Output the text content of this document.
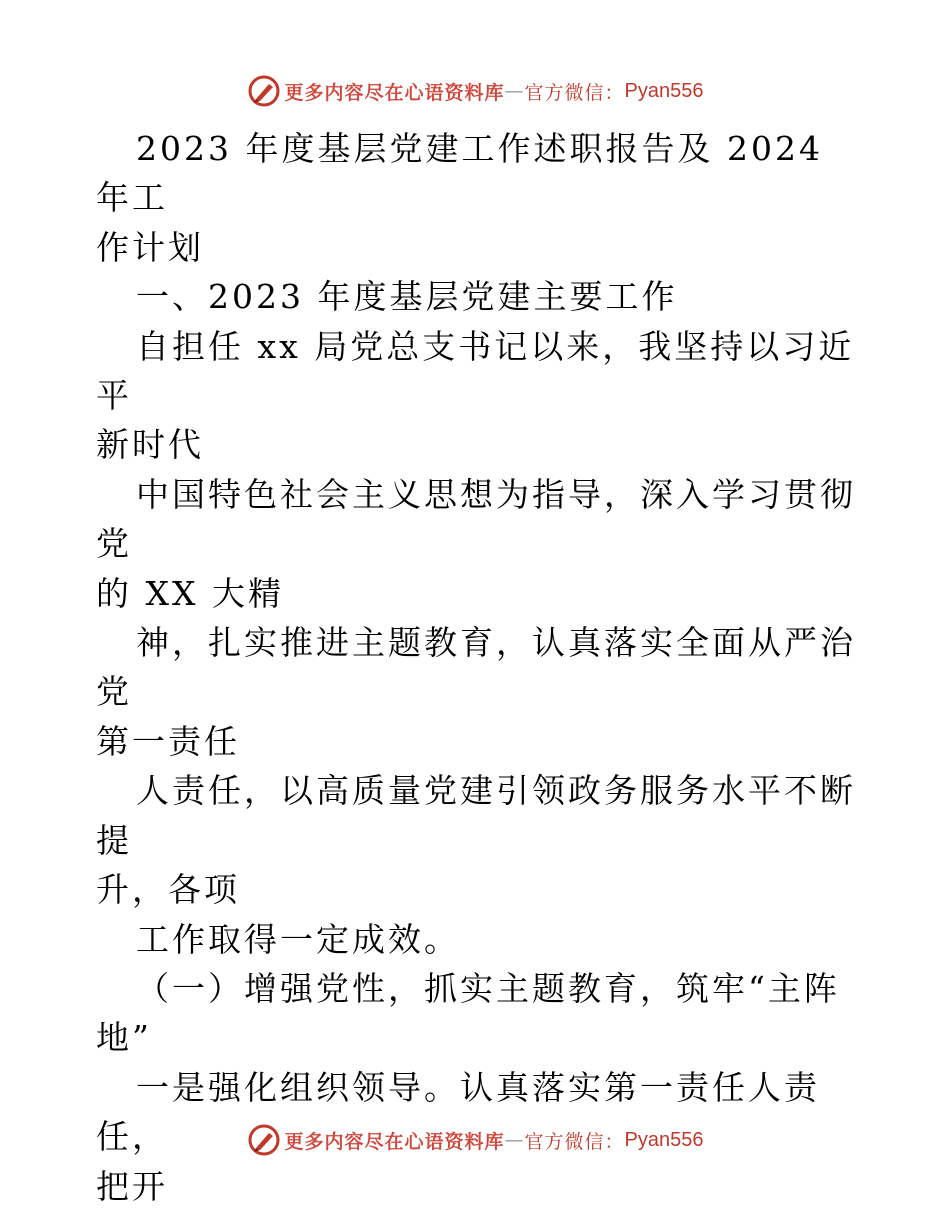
更多内容尽在心语资料库 — 官方微信： Pyan556

2023 年度基层党建工作述职报告及 2024 年工

作计划

一、2023 年度基层党建主要工作

自担任 xx 局党总支书记以来，我坚持以习近平

新时代

中国特色社会主义思想为指导，深入学习贯彻党

的 XX 大精

神，扎实推进主题教育，认真落实全面从严治党

第一责任

人责任，以高质量党建引领政务服务水平不断提

升，各项

工作取得一定成效。

（一）增强党性，抓实主题教育，筑牢“主阵

地”

一是强化组织领导。认真落实第一责任人责任，

把开

更多内容尽在心语资料库 — 官方微信： Pyan556
